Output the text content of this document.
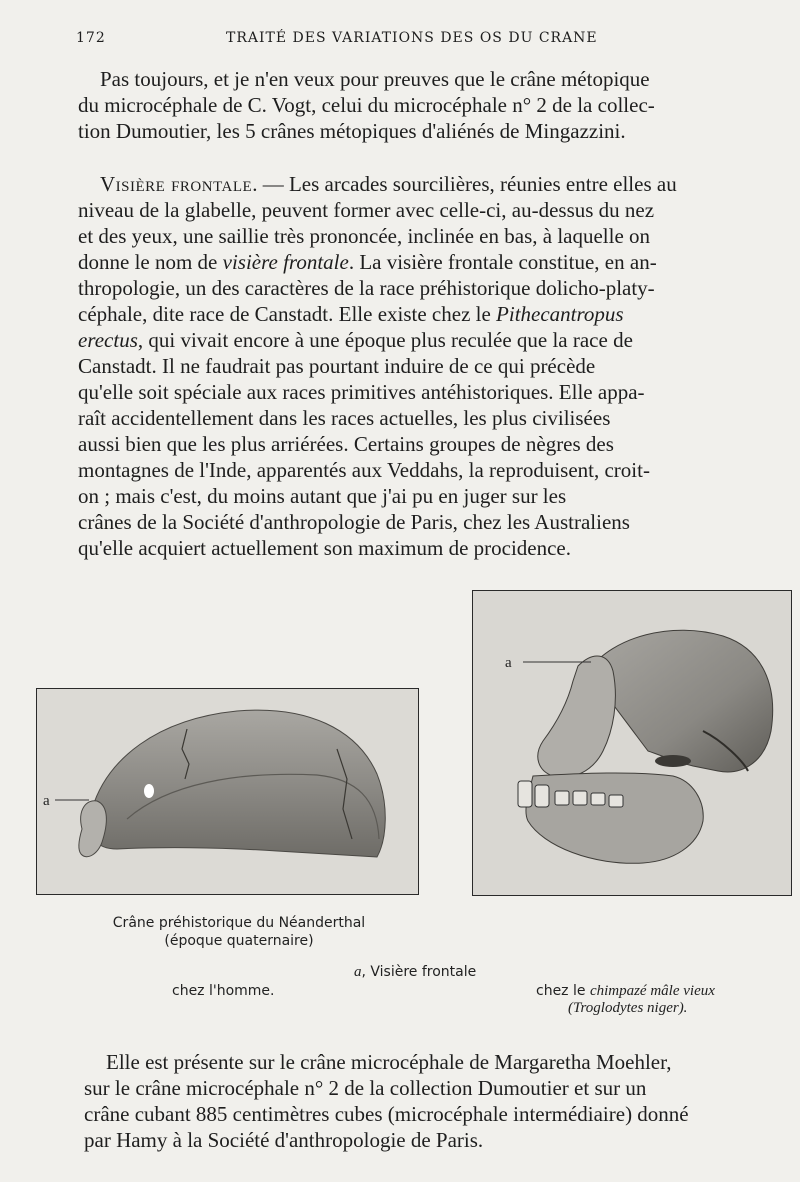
172	TRAITÉ DES VARIATIONS DES OS DU CRANE
Pas toujours, et je n'en veux pour preuves que le crâne métopique
du microcéphale de C. Vogt, celui du microcéphale n° 2 de la collec-
tion Dumoutier, les 5 crânes métopiques d'aliénés de Mingazzini.
Visière frontale. — Les arcades sourcilières, réunies entre elles au
niveau de la glabelle, peuvent former avec celle-ci, au-dessus du nez
et des yeux, une saillie très prononcée, inclinée en bas, à laquelle on
donne le nom de visière frontale. La visière frontale constitue, en an-
thropologie, un des caractères de la race préhistorique dolicho-platy-
céphale, dite race de Canstadt. Elle existe chez le Pithecantropus
erectus, qui vivait encore à une époque plus reculée que la race de
Canstadt. Il ne faudrait pas pourtant induire de ce qui précède
qu'elle soit spéciale aux races primitives antéhistoriques. Elle appa-
raît accidentellement dans les races actuelles, les plus civilisées
aussi bien que les plus arriérées. Certains groupes de nègres des
montagnes de l'Inde, apparentés aux Veddahs, la reproduisent, croit-
on ; mais c'est, du moins autant que j'ai pu en juger sur les
crânes de la Société d'anthropologie de Paris, chez les Australiens
qu'elle acquiert actuellement son maximum de procidence.
a
a
Crâne préhistorique du Néanderthal
(époque quaternaire)
chez l'homme.
a, Visière frontale
chez le chimpazé mâle vieux
(Troglodytes niger).
Elle est présente sur le crâne microcéphale de Margaretha Moehler,
sur le crâne microcéphale n° 2 de la collection Dumoutier et sur un
crâne cubant 885 centimètres cubes (microcéphale intermédiaire) donné
par Hamy à la Société d'anthropologie de Paris.
